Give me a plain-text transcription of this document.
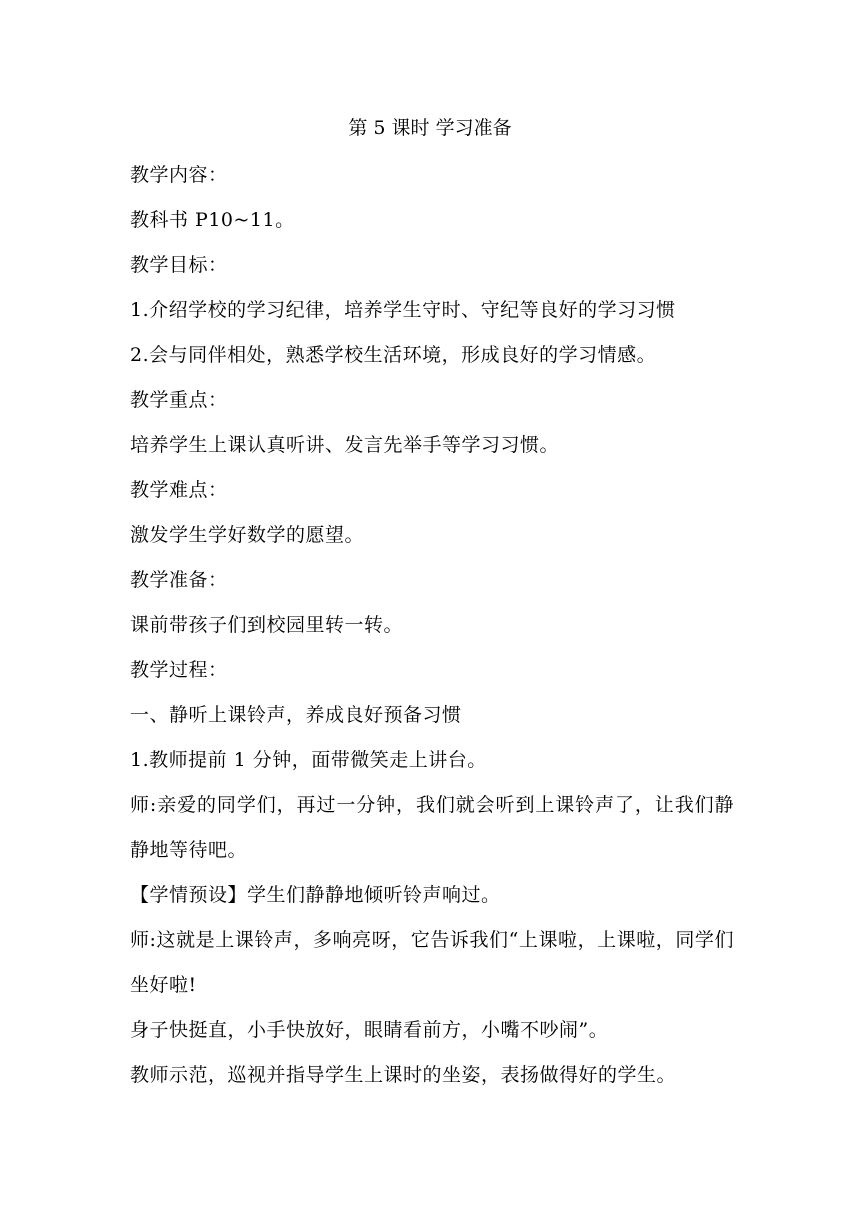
第 5 课时 学习准备

教学内容：

教科书 P10~11。

教学目标：

1.介绍学校的学习纪律，培养学生守时、守纪等良好的学习习惯

2.会与同伴相处，熟悉学校生活环境，形成良好的学习情感。

教学重点：

培养学生上课认真听讲、发言先举手等学习习惯。

教学难点：

激发学生学好数学的愿望。

教学准备：

课前带孩子们到校园里转一转。

教学过程：

一、静听上课铃声，养成良好预备习惯

1.教师提前 1 分钟，面带微笑走上讲台。

师:亲爱的同学们，再过一分钟，我们就会听到上课铃声了，让我们静静地等待吧。

【学情预设】学生们静静地倾听铃声响过。

师:这就是上课铃声，多响亮呀，它告诉我们“上课啦，上课啦，同学们坐好啦!

身子快挺直，小手快放好，眼睛看前方，小嘴不吵闹”。

教师示范，巡视并指导学生上课时的坐姿，表扬做得好的学生。
